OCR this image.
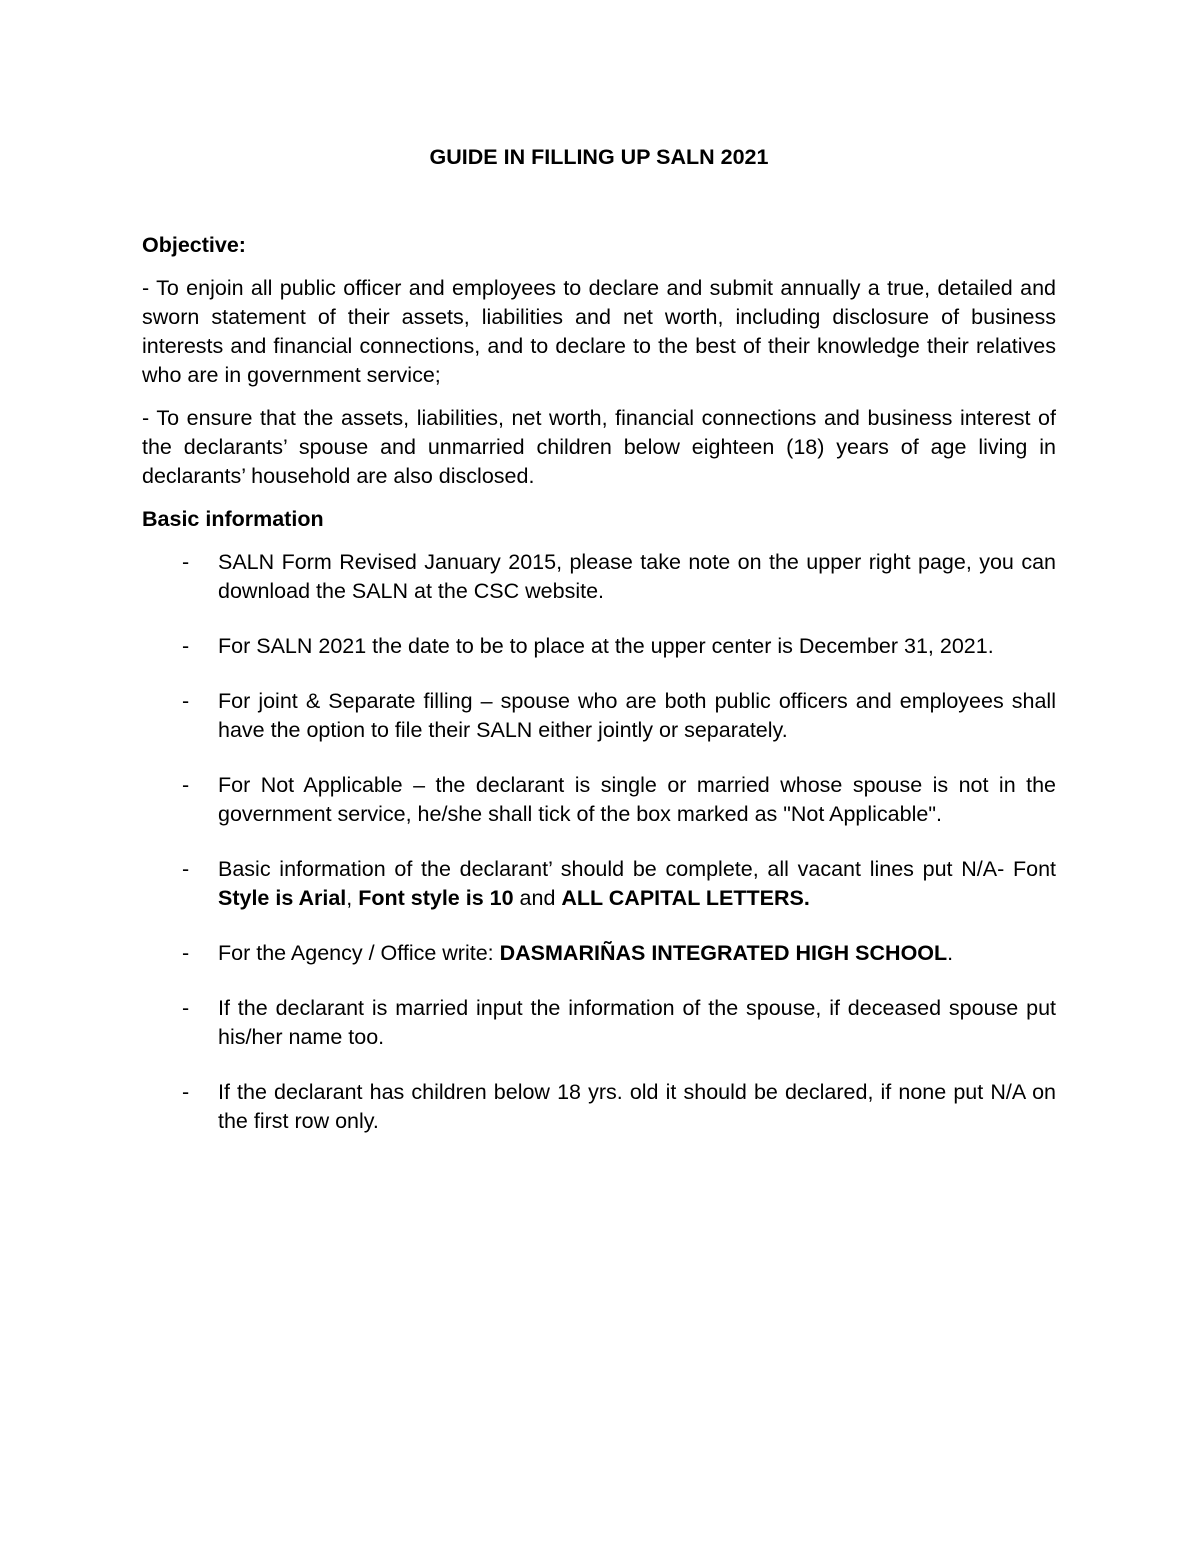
GUIDE IN FILLING UP SALN 2021

Objective:

- To enjoin all public officer and employees to declare and submit annually a true, detailed and sworn statement of their assets, liabilities and net worth, including disclosure of business interests and financial connections, and to declare to the best of their knowledge their relatives who are in government service;

- To ensure that the assets, liabilities, net worth, financial connections and business interest of the declarants’ spouse and unmarried children below eighteen (18) years of age living in declarants’ household are also disclosed.

Basic information

- SALN Form Revised January 2015, please take note on the upper right page, you can download the SALN at the CSC website.
- For SALN 2021 the date to be to place at the upper center is December 31, 2021.
- For joint & Separate filling – spouse who are both public officers and employees shall have the option to file their SALN either jointly or separately.
- For Not Applicable – the declarant is single or married whose spouse is not in the government service, he/she shall tick of the box marked as "Not Applicable".
- Basic information of the declarant’ should be complete, all vacant lines put N/A- Font Style is Arial, Font style is 10 and ALL CAPITAL LETTERS.
- For the Agency / Office write: DASMARIÑAS INTEGRATED HIGH SCHOOL.
- If the declarant is married input the information of the spouse, if deceased spouse put his/her name too.
- If the declarant has children below 18 yrs. old it should be declared, if none put N/A on the first row only.
